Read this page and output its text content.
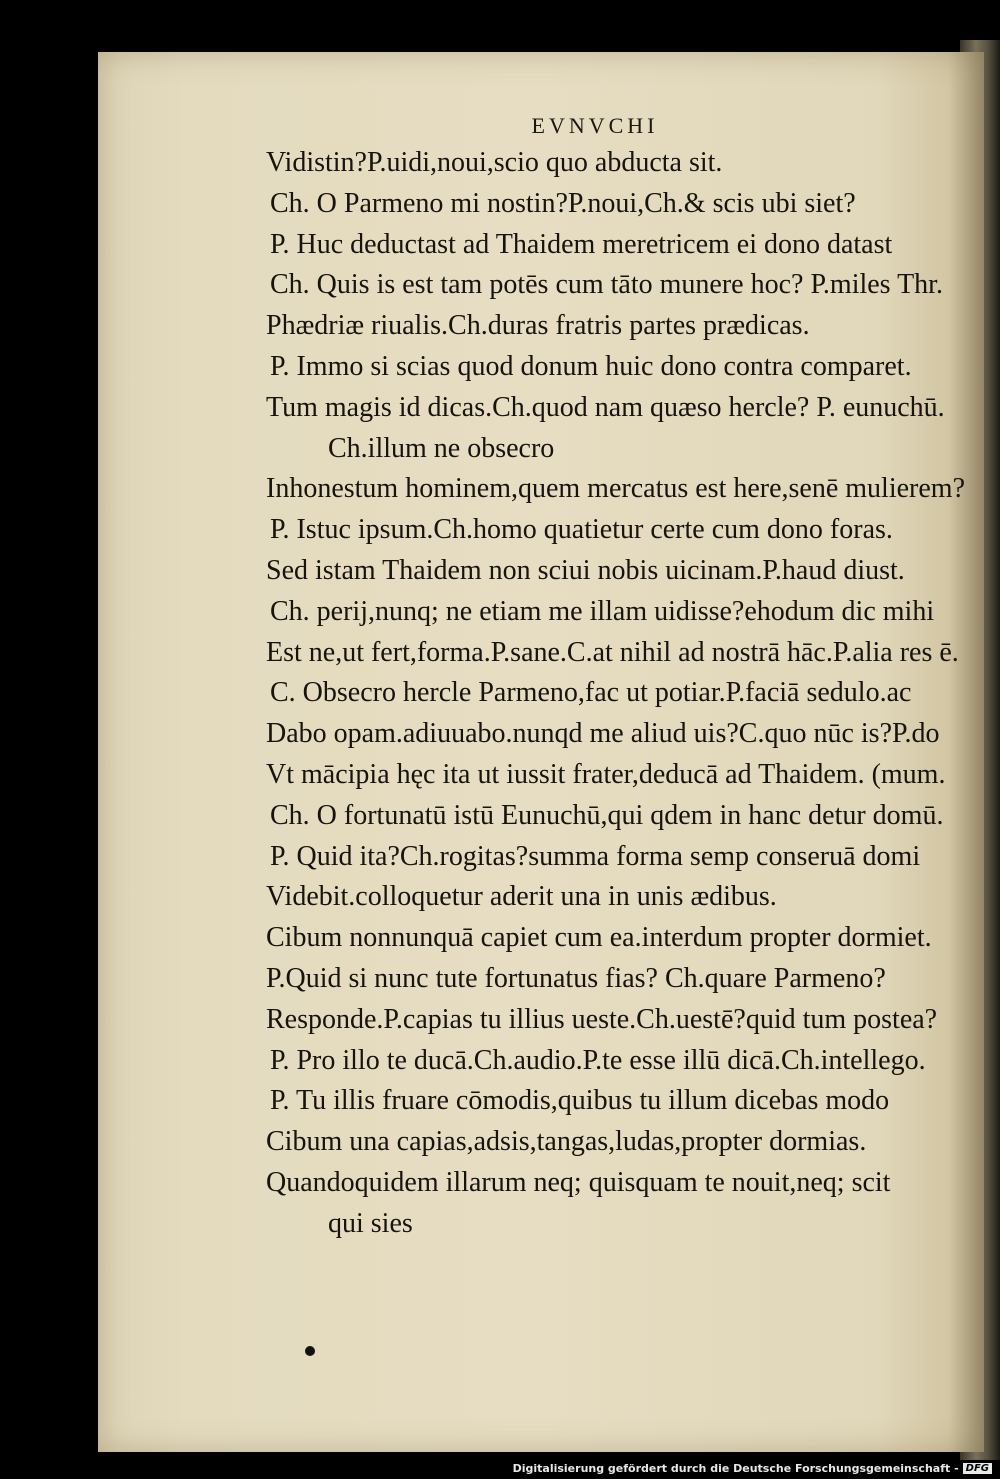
EVNVCHI
Vidistin?P.uidi,noui,scio quo abducta sit.
Ch. O Parmeno mi nostin?P.noui,Ch.& scis ubi siet?
P. Huc deductast ad Thaidem meretricem ei dono datast
Ch. Quis is est tam potēs cum tāto munere hoc? P.miles Thr.
Phædriæ riualis.Ch.duras fratris partes prædicas.
P. Immo si scias quod donum huic dono contra comparet.
Tum magis id dicas.Ch.quod nam quæso hercle? P. eunuchū.
Ch.illum ne obsecro
Inhonestum hominem,quem mercatus est here,senē mulierem?
P. Istuc ipsum.Ch.homo quatietur certe cum dono foras.
Sed istam Thaidem non sciui nobis uicinam.P.haud diust.
Ch. perij,nunq; ne etiam me illam uidisse?ehodum dic mihi
Est ne,ut fert,forma.P.sane.C.at nihil ad nostrā hāc.P.alia res ē.
C. Obsecro hercle Parmeno,fac ut potiar.P.faciā sedulo.ac
Dabo opam.adiuuabo.nunqd me aliud uis?C.quo nūc is?P.do
Vt mācipia hęc ita ut iussit frater,deducā ad Thaidem. (mum.
Ch. O fortunatū istū Eunuchū,qui qdem in hanc detur domū.
P. Quid ita?Ch.rogitas?summa forma semp conseruā domi
Videbit.colloquetur aderit una in unis ædibus.
Cibum nonnunquā capiet cum ea.interdum propter dormiet.
P.Quid si nunc tute fortunatus fias? Ch.quare Parmeno?
Responde.P.capias tu illius ueste.Ch.uestē?quid tum postea?
P. Pro illo te ducā.Ch.audio.P.te esse illū dicā.Ch.intellego.
P. Tu illis fruare cōmodis,quibus tu illum dicebas modo
Cibum una capias,adsis,tangas,ludas,propter dormias.
Quandoquidem illarum neq; quisquam te nouit,neq; scit
qui sies
Digitalisierung gefördert durch die Deutsche Forschungsgemeinschaft - DFG
